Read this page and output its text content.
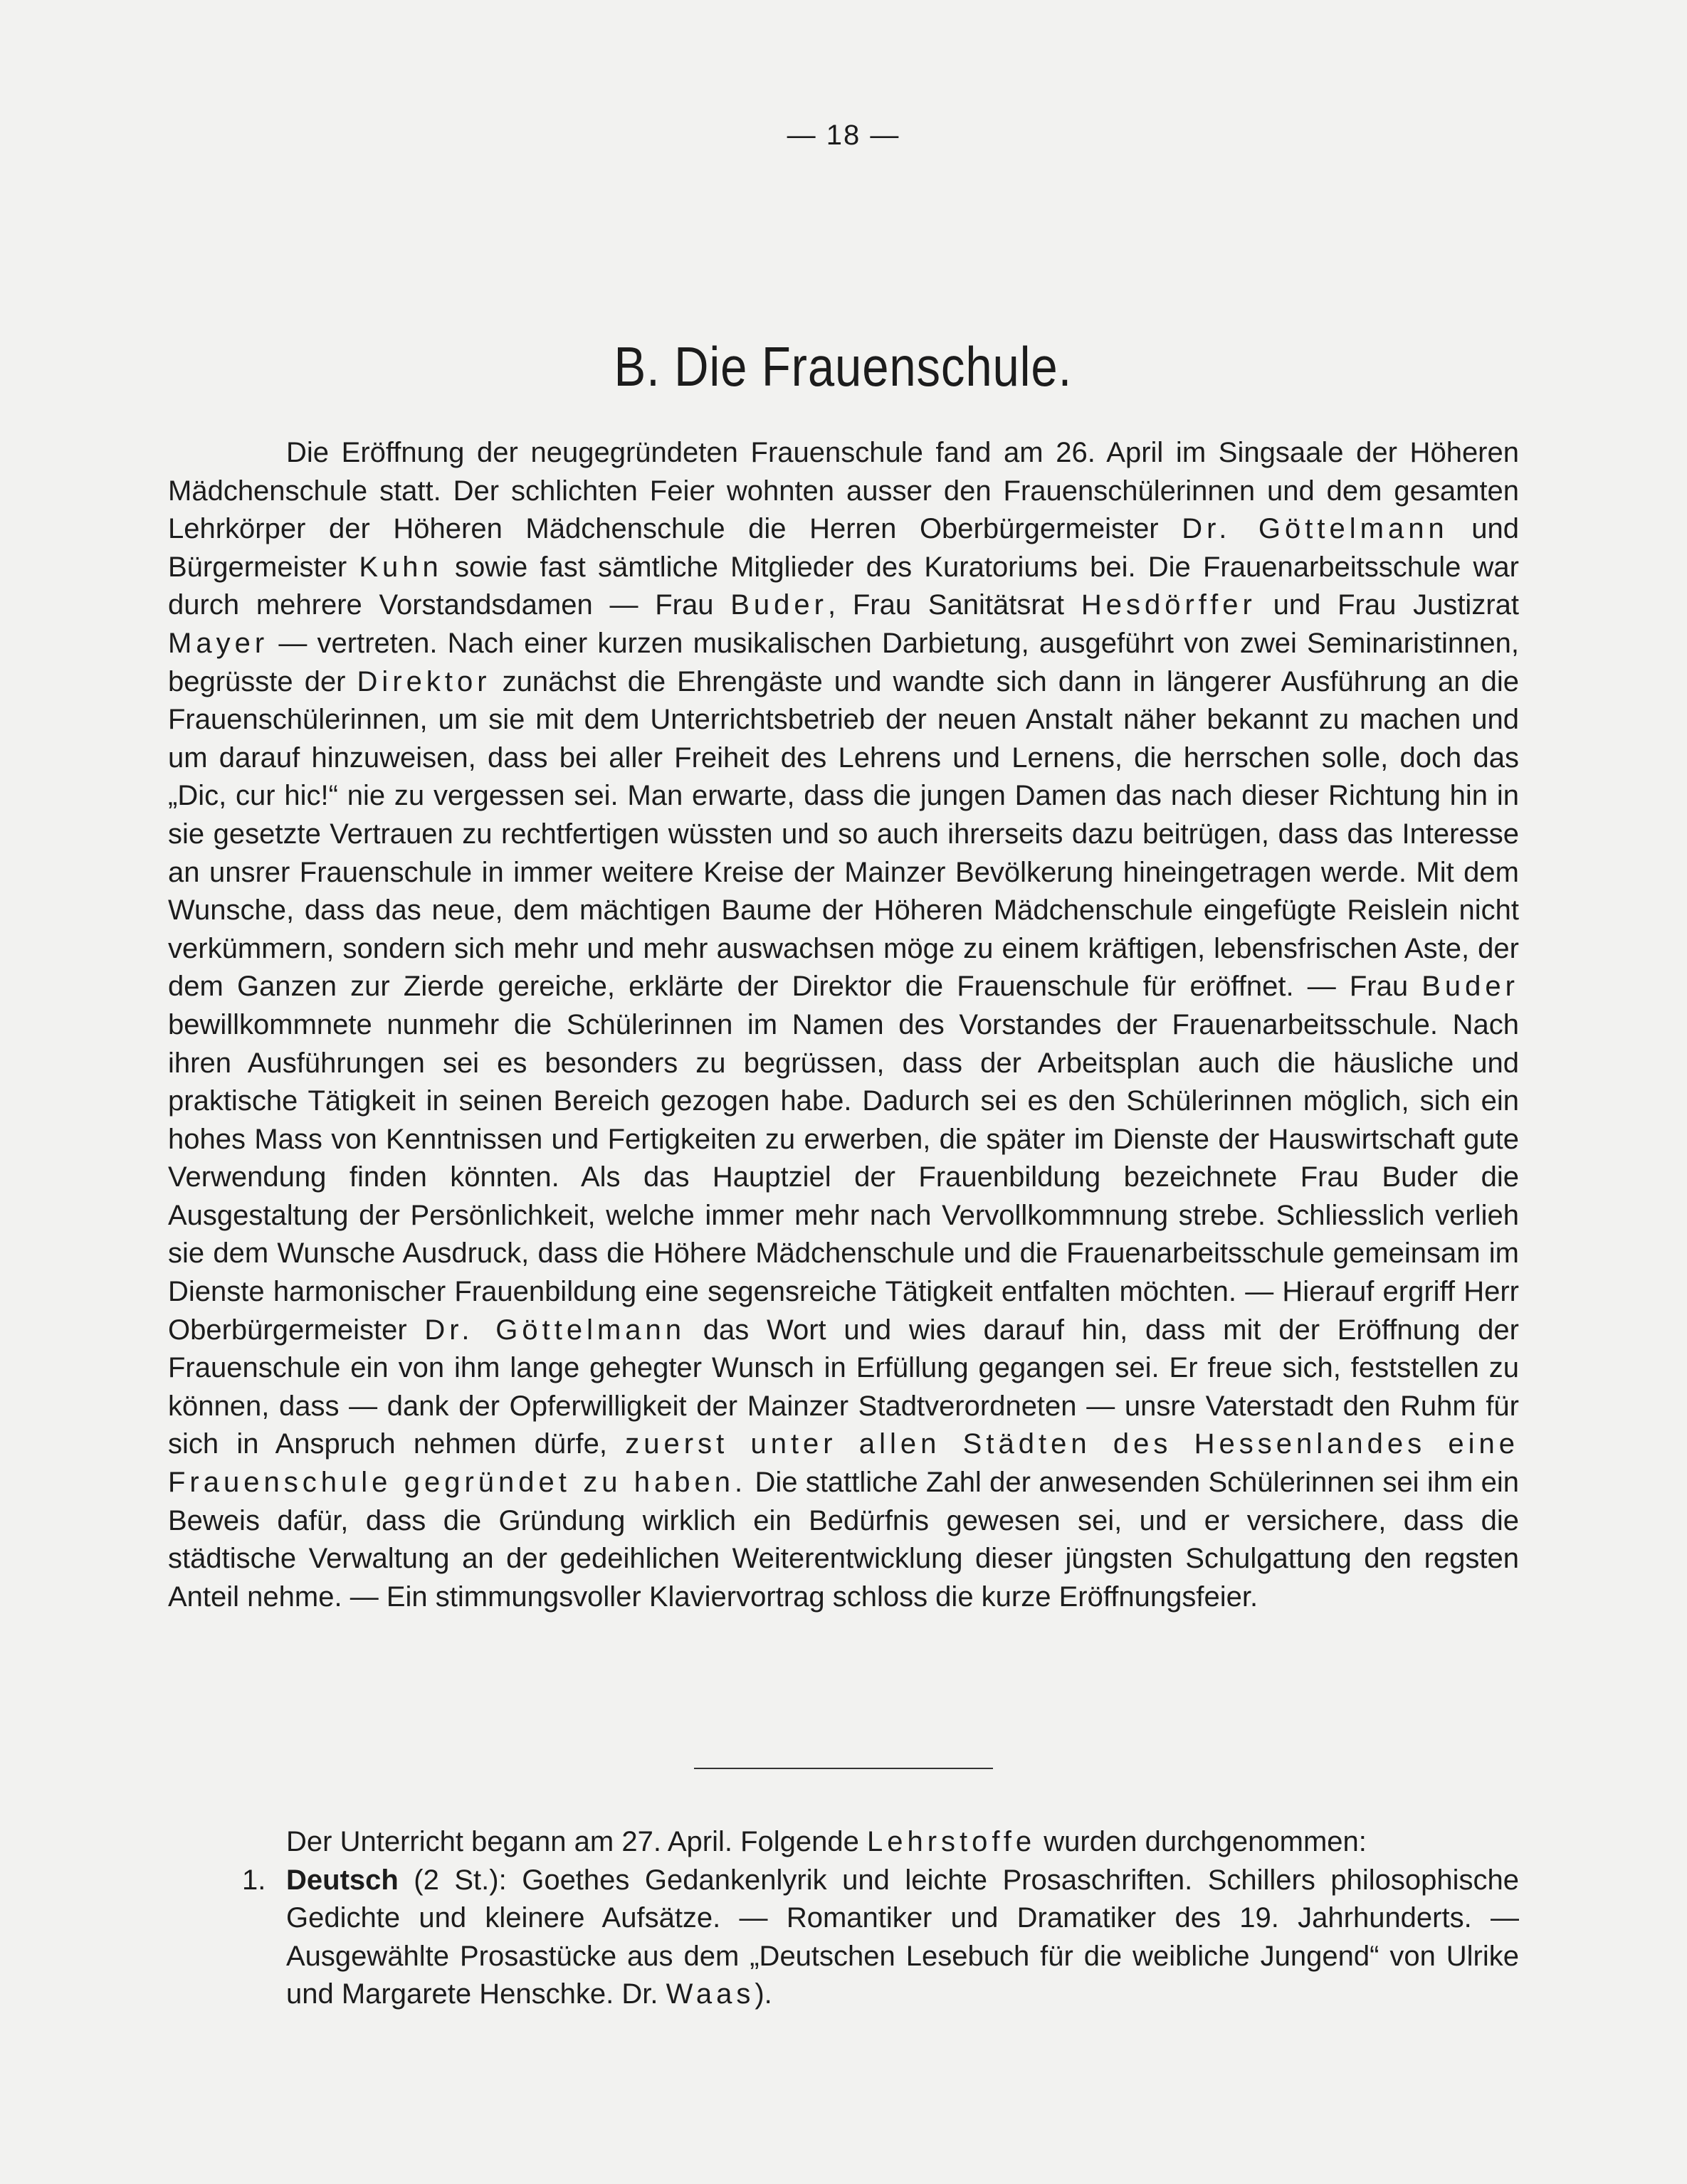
— 18 —
B. Die Frauenschule.

Die Eröffnung der neugegründeten Frauenschule fand am 26. April im Singsaale der Höheren Mädchenschule statt. Der schlichten Feier wohnten ausser den Frauenschülerinnen und dem gesamten Lehrkörper der Höheren Mädchenschule die Herren Oberbürgermeister Dr. Göttelmann und Bürgermeister Kuhn sowie fast sämtliche Mitglieder des Kuratoriums bei. Die Frauenarbeitsschule war durch mehrere Vorstandsdamen — Frau Buder, Frau Sanitätsrat Hesdörffer und Frau Justizrat Mayer — vertreten. Nach einer kurzen musikalischen Darbietung, ausgeführt von zwei Seminaristinnen, begrüsste der Direktor zunächst die Ehrengäste und wandte sich dann in längerer Ausführung an die Frauenschülerinnen, um sie mit dem Unterrichtsbetrieb der neuen Anstalt näher bekannt zu machen und um darauf hinzuweisen, dass bei aller Freiheit des Lehrens und Lernens, die herrschen solle, doch das „Dic, cur hic!“ nie zu vergessen sei. Man erwarte, dass die jungen Damen das nach dieser Richtung hin in sie gesetzte Vertrauen zu rechtfertigen wüssten und so auch ihrerseits dazu beitrügen, dass das Interesse an unsrer Frauenschule in immer weitere Kreise der Mainzer Bevölkerung hineingetragen werde. Mit dem Wunsche, dass das neue, dem mächtigen Baume der Höheren Mädchenschule eingefügte Reislein nicht verkümmern, sondern sich mehr und mehr auswachsen möge zu einem kräftigen, lebensfrischen Aste, der dem Ganzen zur Zierde gereiche, erklärte der Direktor die Frauenschule für eröffnet. — Frau Buder bewillkommnete nunmehr die Schülerinnen im Namen des Vorstandes der Frauenarbeitsschule. Nach ihren Ausführungen sei es besonders zu begrüssen, dass der Arbeitsplan auch die häusliche und praktische Tätigkeit in seinen Bereich gezogen habe. Dadurch sei es den Schülerinnen möglich, sich ein hohes Mass von Kenntnissen und Fertigkeiten zu erwerben, die später im Dienste der Hauswirtschaft gute Verwendung finden könnten. Als das Hauptziel der Frauenbildung bezeichnete Frau Buder die Ausgestaltung der Persönlichkeit, welche immer mehr nach Vervollkommnung strebe. Schliesslich verlieh sie dem Wunsche Ausdruck, dass die Höhere Mädchenschule und die Frauenarbeitsschule gemeinsam im Dienste harmonischer Frauenbildung eine segensreiche Tätigkeit entfalten möchten. — Hierauf ergriff Herr Oberbürgermeister Dr. Göttelmann das Wort und wies darauf hin, dass mit der Eröffnung der Frauenschule ein von ihm lange gehegter Wunsch in Erfüllung gegangen sei. Er freue sich, feststellen zu können, dass — dank der Opferwilligkeit der Mainzer Stadtverordneten — unsre Vaterstadt den Ruhm für sich in Anspruch nehmen dürfe, zuerst unter allen Städten des Hessenlandes eine Frauenschule gegründet zu haben. Die stattliche Zahl der anwesenden Schülerinnen sei ihm ein Beweis dafür, dass die Gründung wirklich ein Bedürfnis gewesen sei, und er versichere, dass die städtische Verwaltung an der gedeihlichen Weiterentwicklung dieser jüngsten Schulgattung den regsten Anteil nehme. — Ein stimmungsvoller Klaviervortrag schloss die kurze Eröffnungsfeier.

Der Unterricht begann am 27. April. Folgende Lehrstoffe wurden durchgenommen:

1. Deutsch (2 St.): Goethes Gedankenlyrik und leichte Prosaschriften. Schillers philosophische Gedichte und kleinere Aufsätze. — Romantiker und Dramatiker des 19. Jahrhunderts. — Ausgewählte Prosastücke aus dem „Deutschen Lesebuch für die weibliche Jungend“ von Ulrike und Margarete Henschke. Dr. Waas).
